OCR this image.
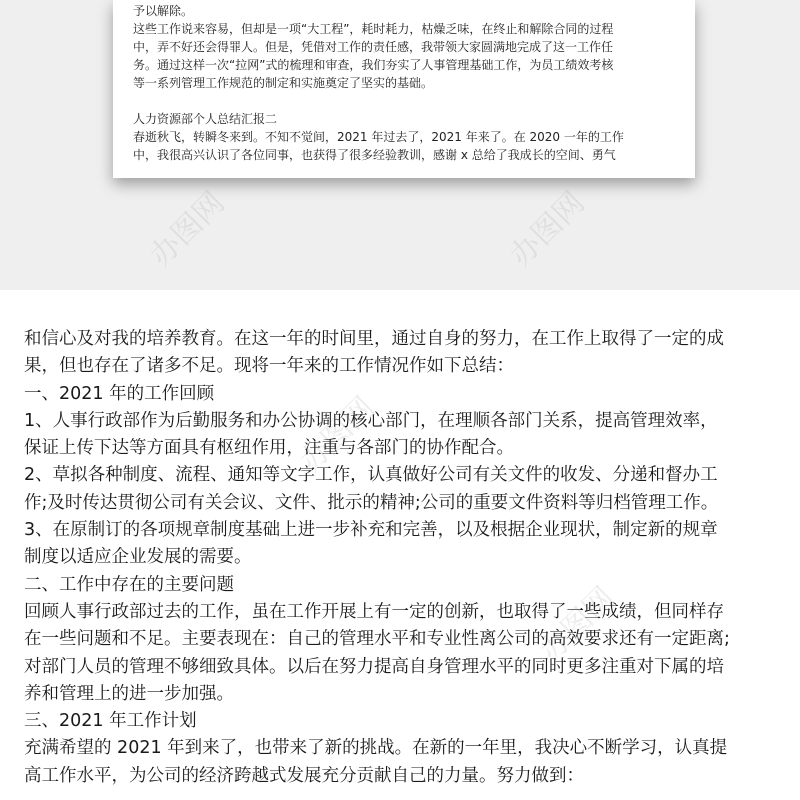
予以解除。

这些工作说来容易，但却是一项“大工程”，耗时耗力，枯燥乏味，在终止和解除合同的过程

中，弄不好还会得罪人。但是，凭借对工作的责任感，我带领大家圆满地完成了这一工作任

务。通过这样一次“拉网”式的梳理和审查，我们夯实了人事管理基础工作，为员工绩效考核

等一系列管理工作规范的制定和实施奠定了坚实的基础。

人力资源部个人总结汇报二

春逝秋飞，转瞬冬来到。不知不觉间，2021 年过去了，2021 年来了。在 2020 一年的工作

中，我很高兴认识了各位同事，也获得了很多经验教训，感谢 x 总给了我成长的空间、勇气

办图网	办图网
办图网
办图网

和信心及对我的培养教育。在这一年的时间里，通过自身的努力，在工作上取得了一定的成

果，但也存在了诸多不足。现将一年来的工作情况作如下总结：

一、2021 年的工作回顾

1、人事行政部作为后勤服务和办公协调的核心部门，在理顺各部门关系，提高管理效率，

保证上传下达等方面具有枢纽作用，注重与各部门的协作配合。

2、草拟各种制度、流程、通知等文字工作，认真做好公司有关文件的收发、分递和督办工

作;及时传达贯彻公司有关会议、文件、批示的精神;公司的重要文件资料等归档管理工作。

3、在原制订的各项规章制度基础上进一步补充和完善，以及根据企业现状，制定新的规章

制度以适应企业发展的需要。

二、工作中存在的主要问题

回顾人事行政部过去的工作，虽在工作开展上有一定的创新，也取得了一些成绩，但同样存

在一些问题和不足。主要表现在：自己的管理水平和专业性离公司的高效要求还有一定距离;

对部门人员的管理不够细致具体。以后在努力提高自身管理水平的同时更多注重对下属的培

养和管理上的进一步加强。

三、2021 年工作计划

充满希望的 2021 年到来了，也带来了新的挑战。在新的一年里，我决心不断学习，认真提

高工作水平，为公司的经济跨越式发展充分贡献自己的力量。努力做到：
